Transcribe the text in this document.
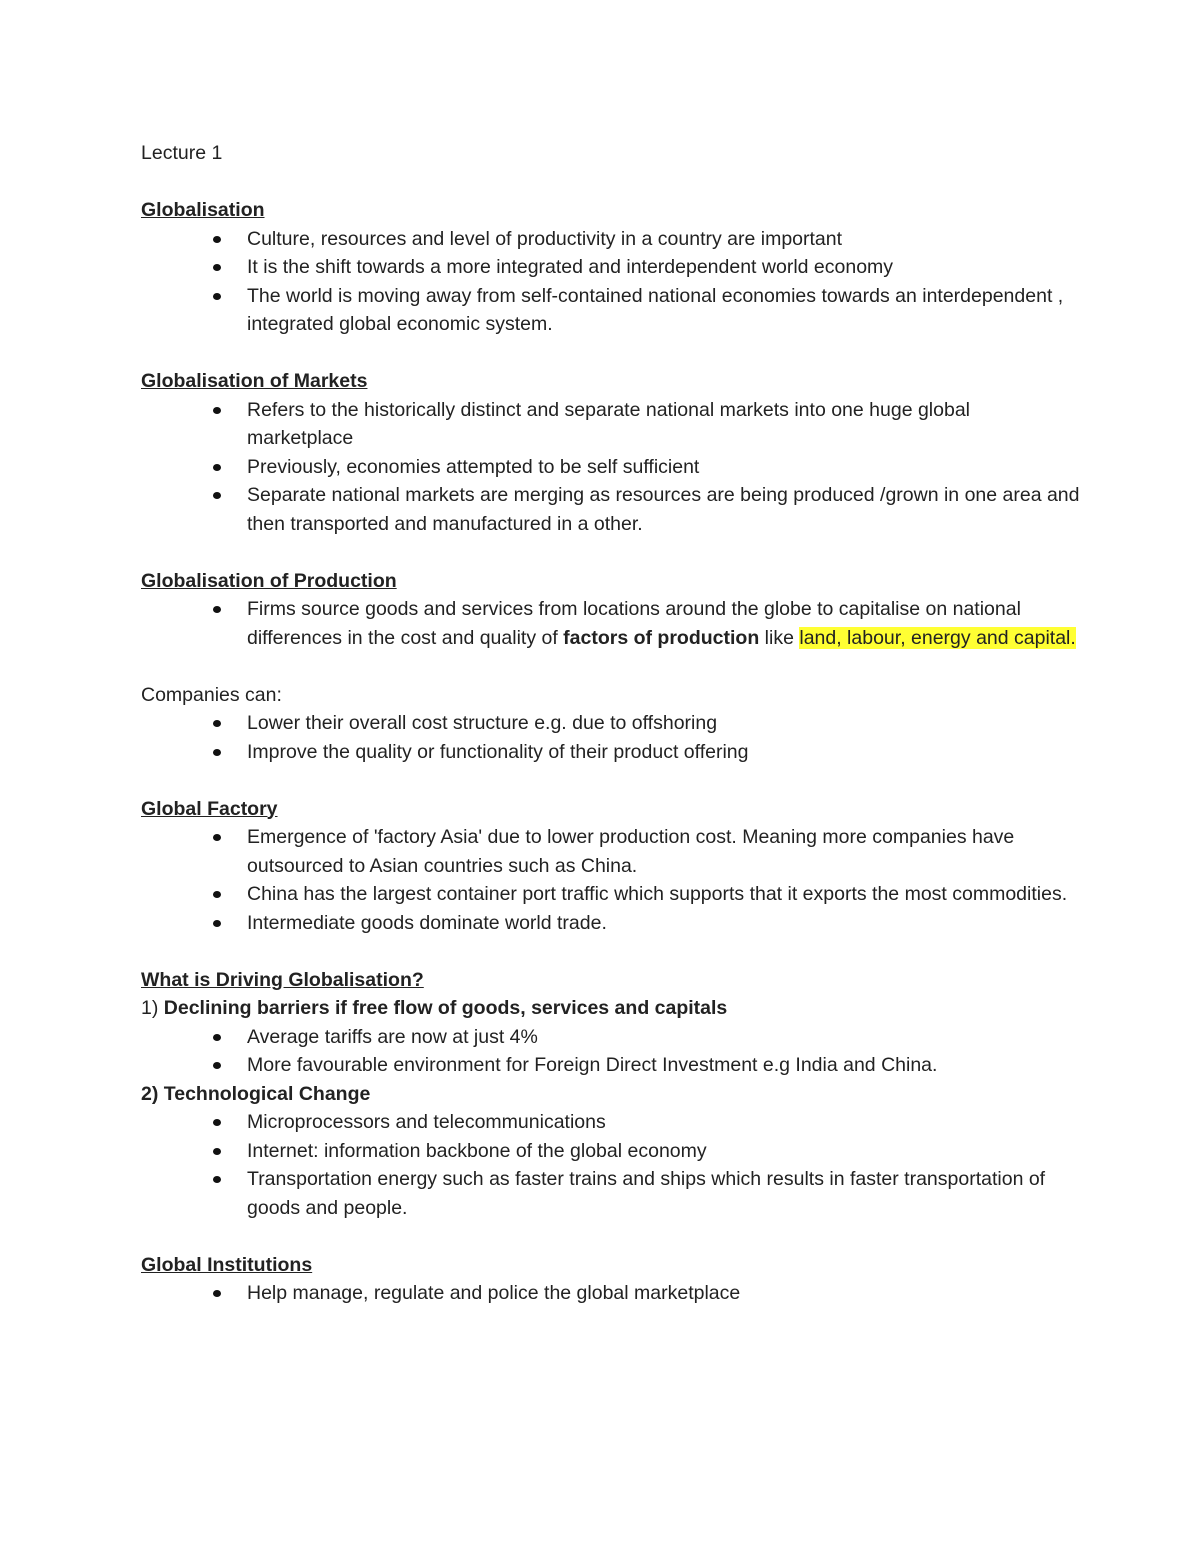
Lecture 1

Globalisation

Culture, resources and level of productivity in a country are important
It is the shift towards a more integrated and interdependent world economy
The world is moving away from self-contained national economies towards an interdependent , integrated global economic system.

Globalisation of Markets

Refers to the historically distinct and separate national markets into one huge global marketplace
Previously, economies attempted to be self sufficient
Separate national markets are merging as resources are being produced /grown in one area and then transported and manufactured in a other.

Globalisation of Production

Firms source goods and services from locations around the globe to capitalise on national differences in the cost and quality of factors of production like land, labour, energy and capital.

Companies can:

Lower their overall cost structure e.g. due to offshoring
Improve the quality or functionality of their product offering

Global Factory

Emergence of 'factory Asia' due to lower production cost. Meaning more companies have outsourced to Asian countries such as China.
China has the largest container port traffic which supports that it exports the most commodities.
Intermediate goods dominate world trade.

What is Driving Globalisation?

1) Declining barriers if free flow of goods, services and capitals

Average tariffs are now at just 4%
More favourable environment for Foreign Direct Investment e.g India and China.

2) Technological Change

Microprocessors and telecommunications
Internet: information backbone of the global economy
Transportation energy such as faster trains and ships which results in faster transportation of goods and people.

Global Institutions

Help manage, regulate and police the global marketplace
